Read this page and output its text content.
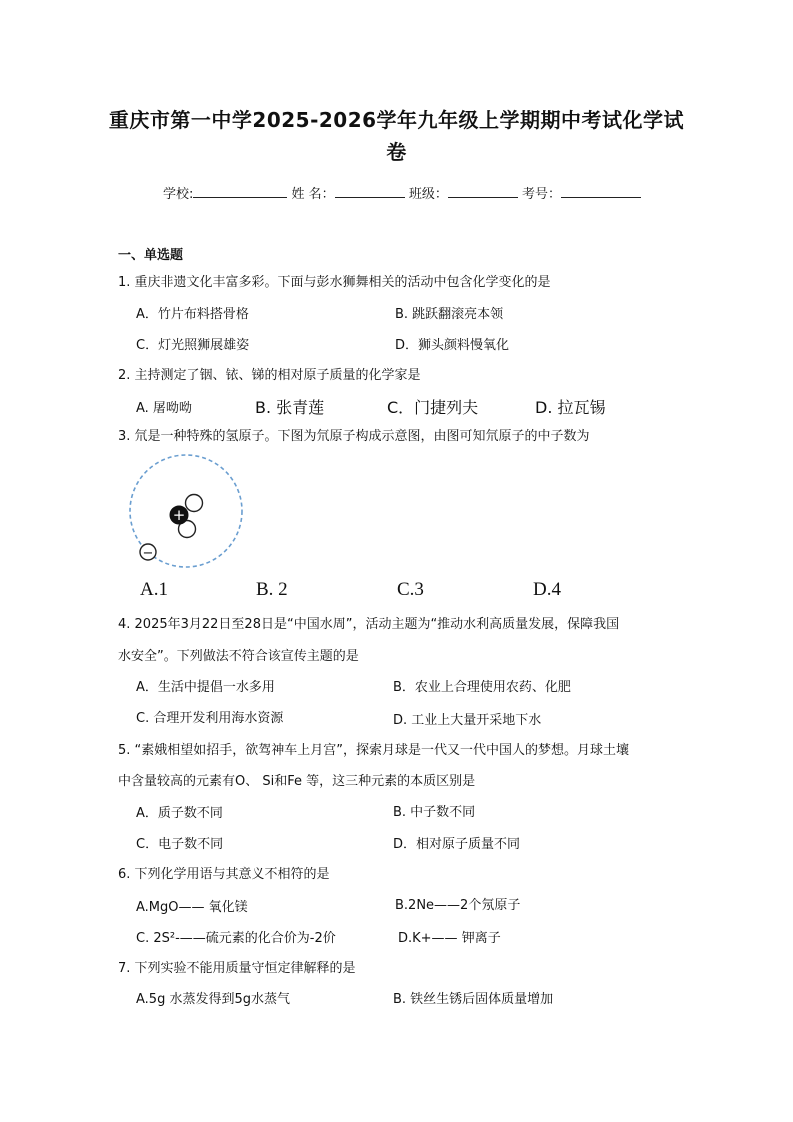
重庆市第一中学2025-2026学年九年级上学期期中考试化学试
卷
学校:	姓 名：	班级：	考号：
一、单选题
1. 重庆非遗文化丰富多彩。下面与彭水狮舞相关的活动中包含化学变化的是
A．竹片布料搭骨格	B. 跳跃翻滚亮本领
C．灯光照狮展雄姿	D．狮头颜料慢氧化
2. 主持测定了铟、铱、锑的相对原子质量的化学家是
A. 屠呦呦	B. 张青莲	C．门捷列夫	D. 拉瓦锡
3. 氘是一种特殊的氢原子。下图为氘原子构成示意图，由图可知氘原子的中子数为
+
−
A.1	B. 2	C.3	D.4
4. 2025年3月22日至28日是“中国水周”，活动主题为“推动水利高质量发展，保障我国
水安全”。下列做法不符合该宣传主题的是
A．生活中提倡一水多用	B．农业上合理使用农药、化肥
C. 合理开发利用海水资源	D. 工业上大量开采地下水
5. “素娥相望如招手，欲驾神车上月宫”，探索月球是一代又一代中国人的梦想。月球土壤
中含量较高的元素有O、 Si和Fe 等，这三种元素的本质区别是
A．质子数不同	B. 中子数不同
C．电子数不同	D．相对原子质量不同
6. 下列化学用语与其意义不相符的是
A.MgO—— 氧化镁	B.2Ne——2个氖原子
C. 2S²-——硫元素的化合价为-2价	D.K+—— 钾离子
7. 下列实验不能用质量守恒定律解释的是
A.5g 水蒸发得到5g水蒸气	B. 铁丝生锈后固体质量增加
